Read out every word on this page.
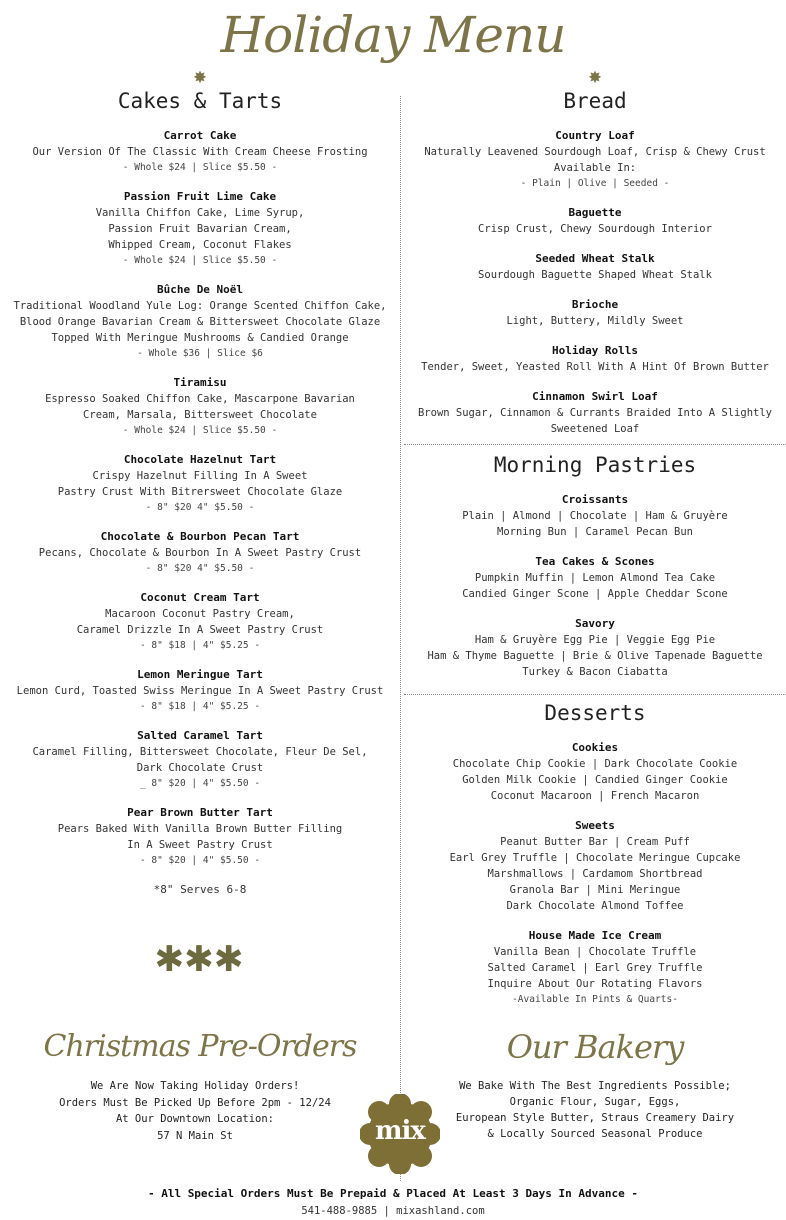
Holiday Menu
✸
Cakes & Tarts
Carrot Cake
Our Version Of The Classic With Cream Cheese Frosting
- Whole $24 | Slice $5.50 -
Passion Fruit Lime Cake
Vanilla Chiffon Cake, Lime Syrup,
Passion Fruit Bavarian Cream,
Whipped Cream, Coconut Flakes
- Whole $24 | Slice $5.50 -
Bûche De Noël
Traditional Woodland Yule Log: Orange Scented Chiffon Cake,
Blood Orange Bavarian Cream & Bittersweet Chocolate Glaze
Topped With Meringue Mushrooms & Candied Orange
- Whole $36 | Slice $6
Tiramisu
Espresso Soaked Chiffon Cake, Mascarpone Bavarian
Cream, Marsala, Bittersweet Chocolate
- Whole $24 | Slice $5.50 -
Chocolate Hazelnut Tart
Crispy Hazelnut Filling In A Sweet
Pastry Crust With Bitrersweet Chocolate Glaze
- 8" $20 4" $5.50 -
Chocolate & Bourbon Pecan Tart
Pecans, Chocolate & Bourbon In A Sweet Pastry Crust
- 8" $20 4" $5.50 -
Coconut Cream Tart
Macaroon Coconut Pastry Cream,
Caramel Drizzle In A Sweet Pastry Crust
- 8" $18 | 4" $5.25 -
Lemon Meringue Tart
Lemon Curd, Toasted Swiss Meringue In A Sweet Pastry Crust
- 8" $18 | 4" $5.25 -
Salted Caramel Tart
Caramel Filling, Bittersweet Chocolate, Fleur De Sel,
Dark Chocolate Crust
_ 8" $20 | 4" $5.50 -
Pear Brown Butter Tart
Pears Baked With Vanilla Brown Butter Filling
In A Sweet Pastry Crust
- 8" $20 | 4" $5.50 -
*8" Serves 6-8
✱✱✱
✸
Bread
Country Loaf
Naturally Leavened Sourdough Loaf, Crisp & Chewy Crust
Available In:
- Plain | Olive | Seeded -
Baguette
Crisp Crust, Chewy Sourdough Interior
Seeded Wheat Stalk
Sourdough Baguette Shaped Wheat Stalk
Brioche
Light, Buttery, Mildly Sweet
Holiday Rolls
Tender, Sweet, Yeasted Roll With A Hint Of Brown Butter
Cinnamon Swirl Loaf
Brown Sugar, Cinnamon & Currants Braided Into A Slightly
Sweetened Loaf
Morning Pastries
Croissants
Plain | Almond | Chocolate | Ham & Gruyère
Morning Bun | Caramel Pecan Bun
Tea Cakes & Scones
Pumpkin Muffin | Lemon Almond Tea Cake
Candied Ginger Scone | Apple Cheddar Scone
Savory
Ham & Gruyère Egg Pie | Veggie Egg Pie
Ham & Thyme Baguette | Brie & Olive Tapenade Baguette
Turkey & Bacon Ciabatta
Desserts
Cookies
Chocolate Chip Cookie | Dark Chocolate Cookie
Golden Milk Cookie | Candied Ginger Cookie
Coconut Macaroon | French Macaron
Sweets
Peanut Butter Bar | Cream Puff
Earl Grey Truffle | Chocolate Meringue Cupcake
Marshmallows | Cardamom Shortbread
Granola Bar | Mini Meringue
Dark Chocolate Almond Toffee
House Made Ice Cream
Vanilla Bean | Chocolate Truffle
Salted Caramel | Earl Grey Truffle
Inquire About Our Rotating Flavors
-Available In Pints & Quarts-
Christmas Pre-Orders
We Are Now Taking Holiday Orders!
Orders Must Be Picked Up Before 2pm - 12/24
At Our Downtown Location:
57 N Main St
Our Bakery
We Bake With The Best Ingredients Possible;
Organic Flour, Sugar, Eggs,
European Style Butter, Straus Creamery Dairy
& Locally Sourced Seasonal Produce
mix
- All Special Orders Must Be Prepaid & Placed At Least 3 Days In Advance -
541-488-9885 | mixashland.com
